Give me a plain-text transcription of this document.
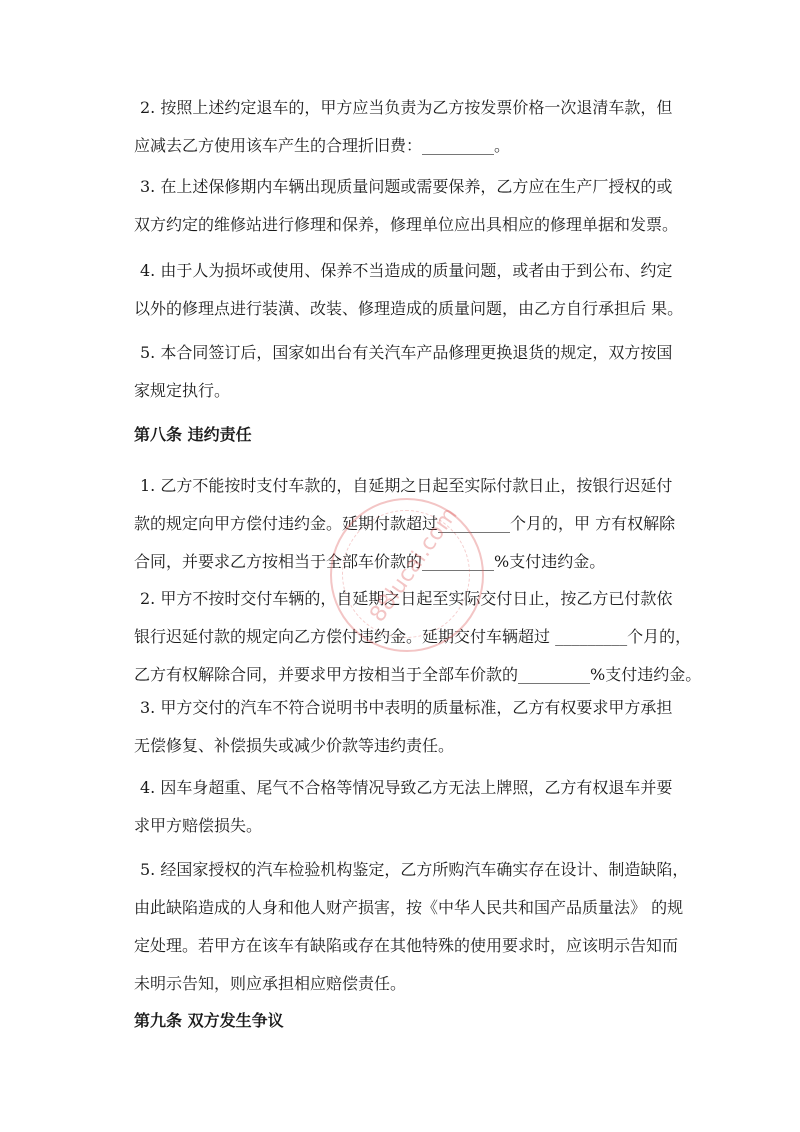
2. 按照上述约定退车的，甲方应当负责为乙方按发票价格一次退清车款，但
应减去乙方使用该车产生的合理折旧费：_________。
3. 在上述保修期内车辆出现质量问题或需要保养，乙方应在生产厂授权的或
双方约定的维修站进行修理和保养，修理单位应出具相应的修理单据和发票。
4. 由于人为损坏或使用、保养不当造成的质量问题，或者由于到公布、约定
以外的修理点进行装潢、改装、修理造成的质量问题，由乙方自行承担后 果。
5. 本合同签订后，国家如出台有关汽车产品修理更换退货的规定，双方按国
家规定执行。
第八条 违约责任
1. 乙方不能按时支付车款的，自延期之日起至实际付款日止，按银行迟延付
款的规定向甲方偿付违约金。延期付款超过_________个月的，甲 方有权解除
合同，并要求乙方按相当于全部车价款的_________%支付违约金。
2. 甲方不按时交付车辆的，自延期之日起至实际交付日止，按乙方已付款依
银行迟延付款的规定向乙方偿付违约金。延期交付车辆超过 _________个月的，
乙方有权解除合同，并要求甲方按相当于全部车价款的_________%支付违约金。
3. 甲方交付的汽车不符合说明书中表明的质量标准，乙方有权要求甲方承担
无偿修复、补偿损失或减少价款等违约责任。
4. 因车身超重、尾气不合格等情况导致乙方无法上牌照，乙方有权退车并要
求甲方赔偿损失。
5. 经国家授权的汽车检验机构鉴定，乙方所购汽车确实存在设计、制造缺陷，
由此缺陷造成的人身和他人财产损害，按《中华人民共和国产品质量法》 的规
定处理。若甲方在该车有缺陷或存在其他特殊的使用要求时，应该明示告知而
未明示告知，则应承担相应赔偿责任。
第九条 双方发生争议
88lucai.com
